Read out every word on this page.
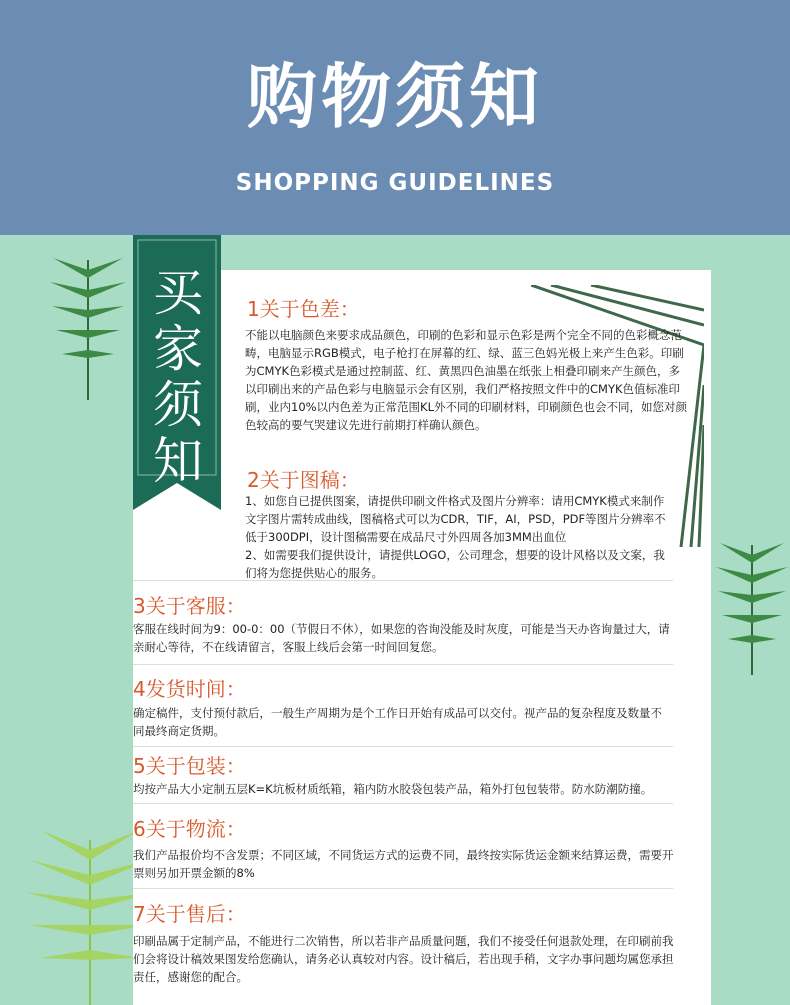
购物须知
SHOPPING GUIDELINES
买家须知
1关于色差：
不能以电脑颜色来要求成品颜色，印刷的色彩和显示色彩是两个完全不同的色彩概念范畴，电脑显示RGB模式，电子枪打在屏幕的红、绿、蓝三色妈光极上来产生色彩。印刷为CMYK色彩模式是通过控制蓝、红、黄黑四色油墨在纸张上相叠印刷来产生颜色，多以印刷出来的产品色彩与电脑显示会有区别，我们严格按照文件中的CMYK色值标准印刷，业内10%以内色差为正常范围KL外不同的印刷材料，印刷颜色也会不同，如您对颜色较高的要气哭建议先进行前期打样确认颜色。
2关于图稿：
1、如您自已提供图案，请提供印刷文件格式及图片分辨率：请用CMYK模式来制作文字图片需转成曲线，图稿格式可以为CDR，TIF，AI，PSD，PDF等图片分辨率不低于300DPI，设计图稿需要在成品尺寸外四周各加3MM出血位
2、如需要我们提供设计，请提供LOGO，公司理念，想要的设计风格以及文案，我们将为您提供贴心的服务。
3关于客服：
客服在线时间为9：00-0：00（节假日不休），如果您的咨询没能及时灰度，可能是当天办咨询量过大，请亲耐心等待，不在线请留言，客服上线后会第一时间回复您。
4发货时间：
确定稿件，支付预付款后，一般生产周期为是个工作日开始有成品可以交付。视产品的复杂程度及数量不同最终商定货期。
5关于包装：
均按产品大小定制五层K=K坑板材质纸箱，箱内防水胶袋包装产品，箱外打包包装带。防水防潮防撞。
6关于物流：
我们产品报价均不含发票；不同区域，不同货运方式的运费不同，最终按实际货运金额来结算运费，需要开票则另加开票金额的8%
7关于售后：
印刷品属于定制产品，不能进行二次销售，所以若非产品质量问题，我们不接受任何退款处理，在印刷前我们会将设计稿效果图发给您确认，请务必认真较对内容。设计稿后，若出现手稍，文字办事问题均属您承担责任，感谢您的配合。
